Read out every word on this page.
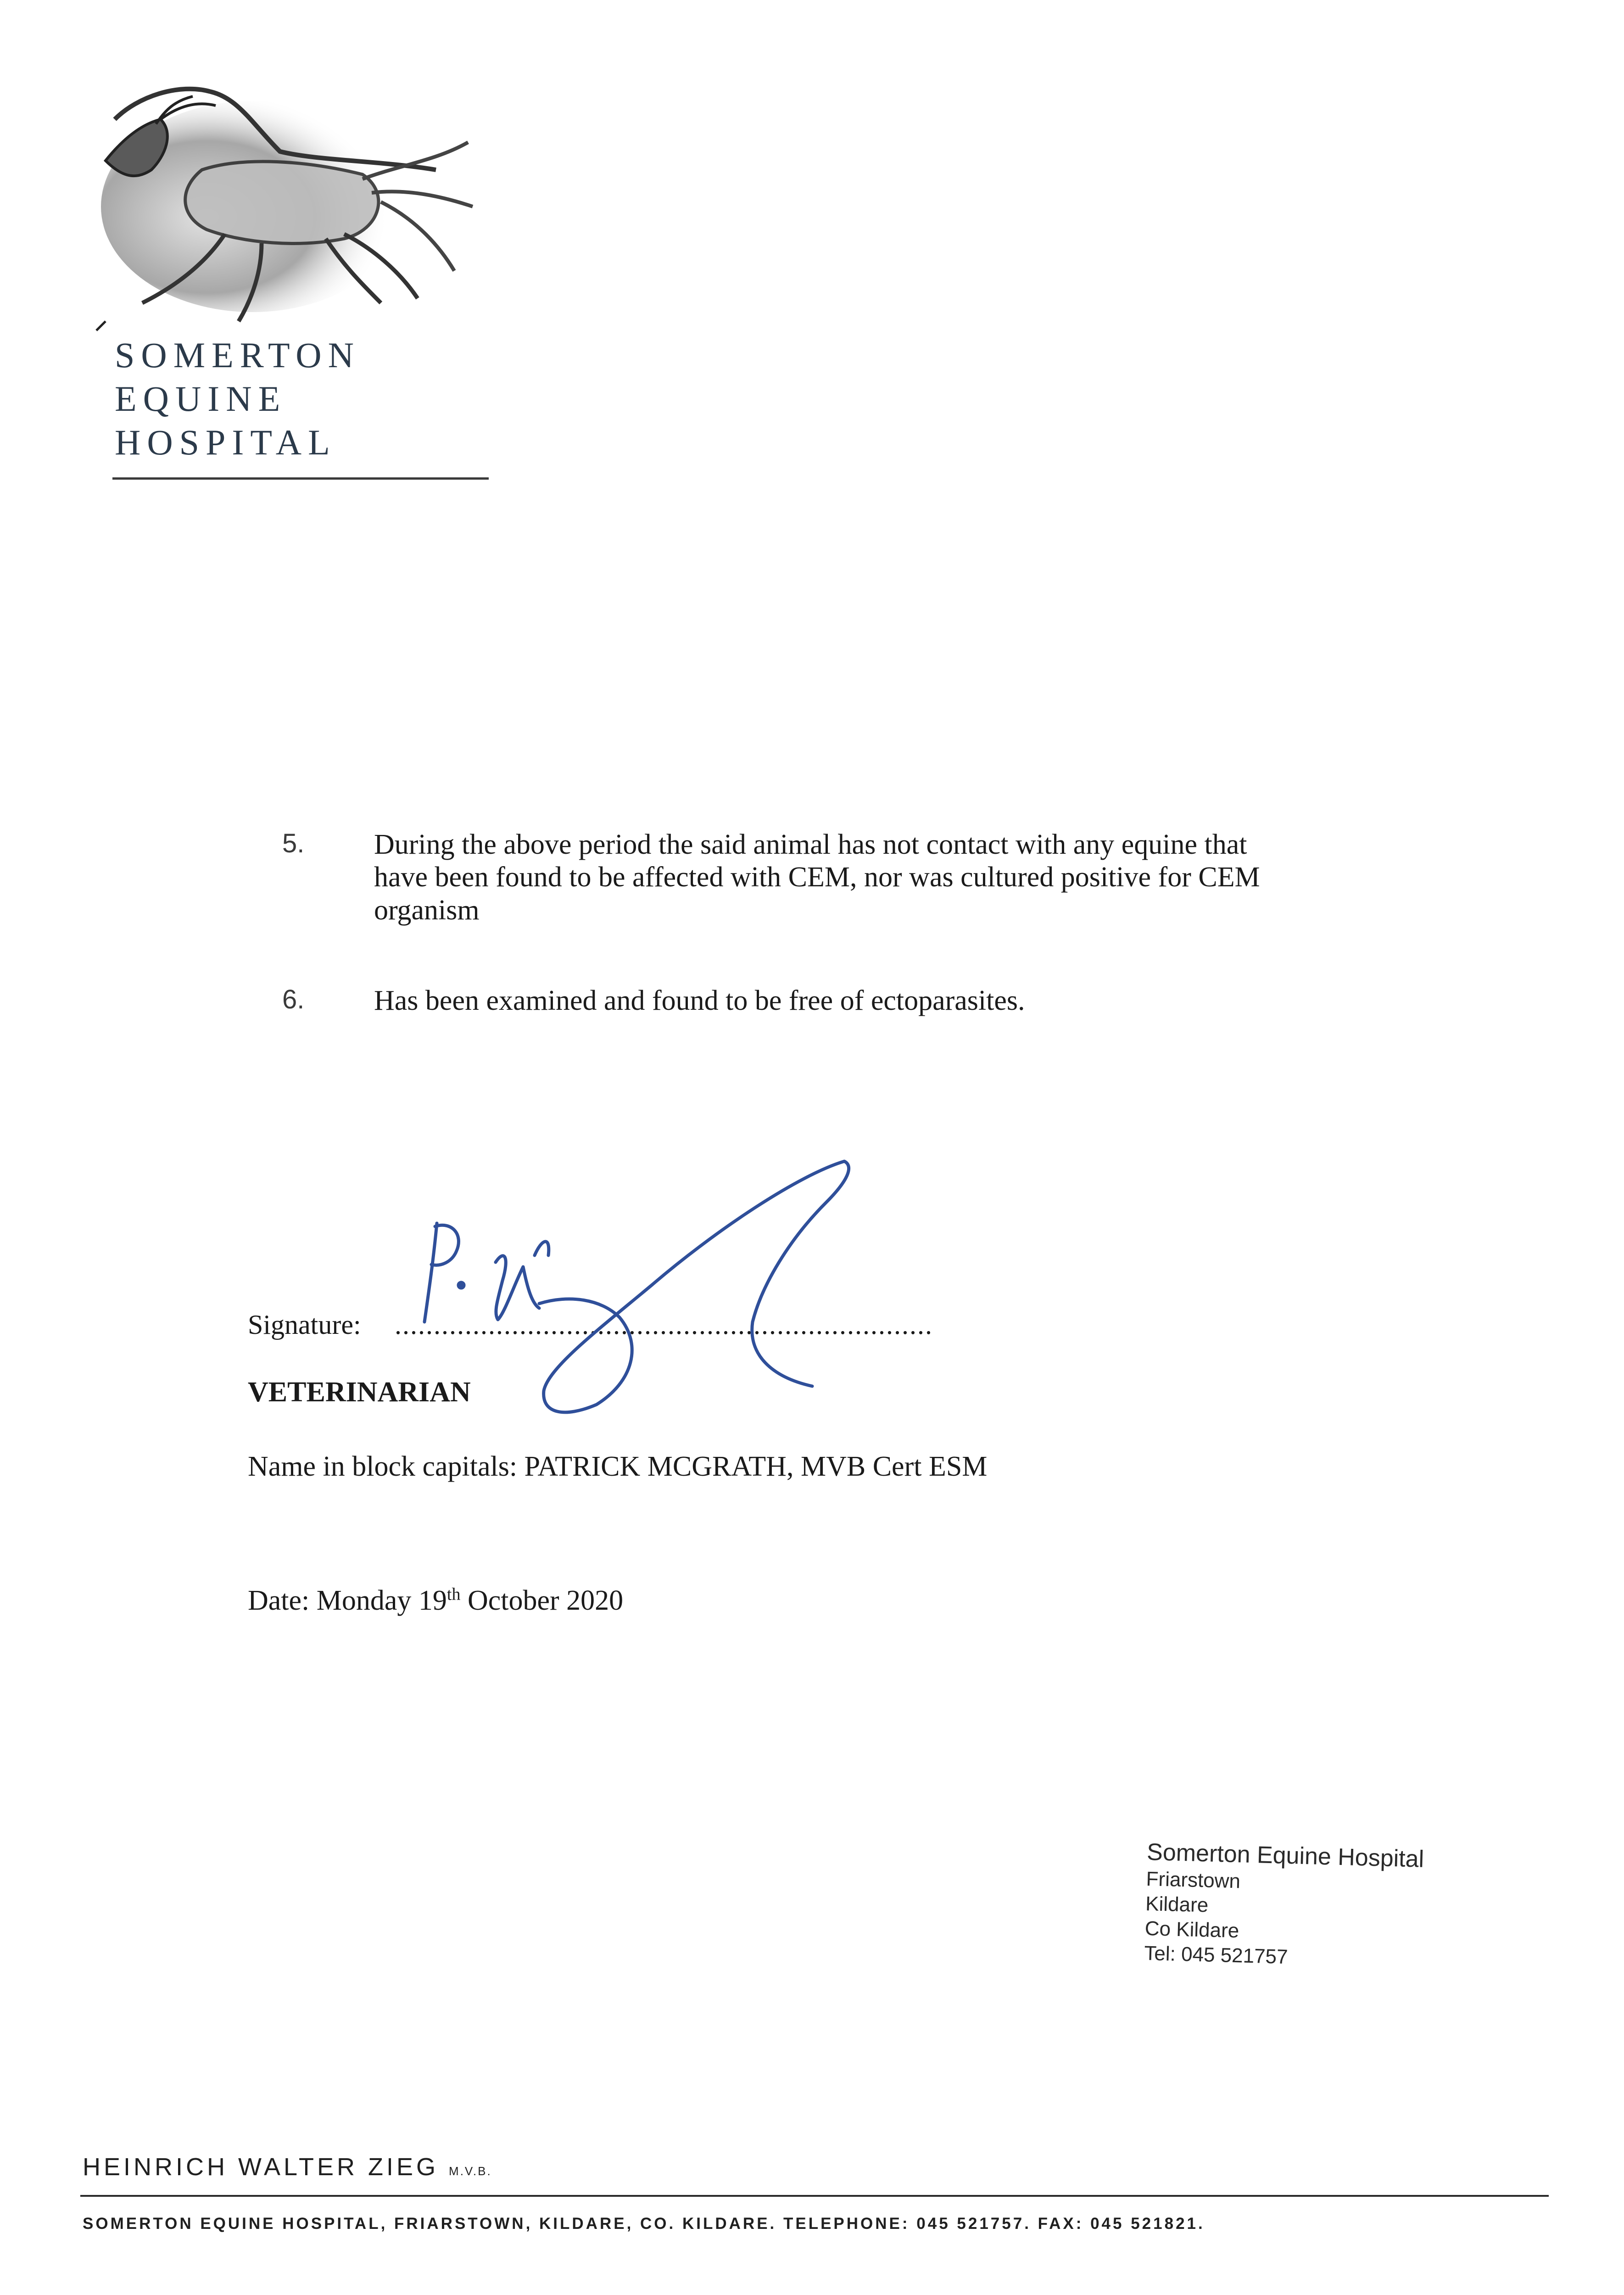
SOMERTON
EQUINE
HOSPITAL
5. During the above period the said animal has not contact with any equine that
have been found to be affected with CEM, nor was cultured positive for CEM
organism
6. Has been examined and found to be free of ectoparasites.
Signature: .....................................................................
VETERINARIAN
Name in block capitals: PATRICK MCGRATH, MVB Cert ESM
Date: Monday 19th October 2020
Somerton Equine Hospital
Friarstown
Kildare
Co Kildare
Tel: 045 521757
HEINRICH WALTER ZIEG M.V.B.
SOMERTON EQUINE HOSPITAL, FRIARSTOWN, KILDARE, CO. KILDARE. TELEPHONE: 045 521757. FAX: 045 521821.
